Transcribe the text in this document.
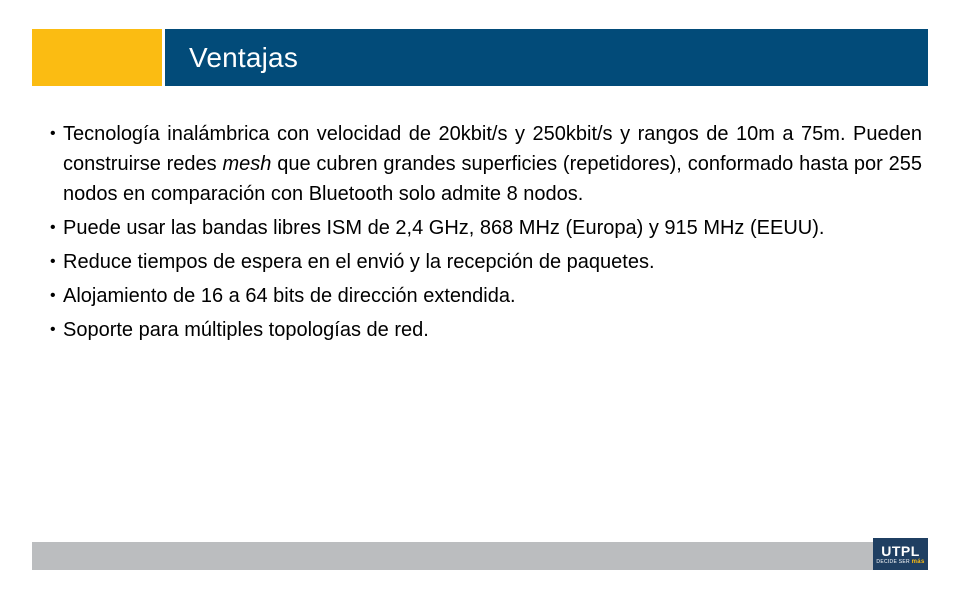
Ventajas
• Tecnología inalámbrica con velocidad de 20kbit/s y 250kbit/s y rangos de 10m a 75m. Pueden construirse redes mesh que cubren grandes superficies (repetidores), conformado hasta por 255 nodos en comparación con Bluetooth solo admite 8 nodos.
• Puede usar las bandas libres ISM de 2,4 GHz, 868 MHz (Europa) y 915 MHz (EEUU).
• Reduce tiempos de espera en el envió y la recepción de paquetes.
• Alojamiento de 16 a 64 bits de dirección extendida.
• Soporte para múltiples topologías de red.
UTPL
DECIDE SER más
